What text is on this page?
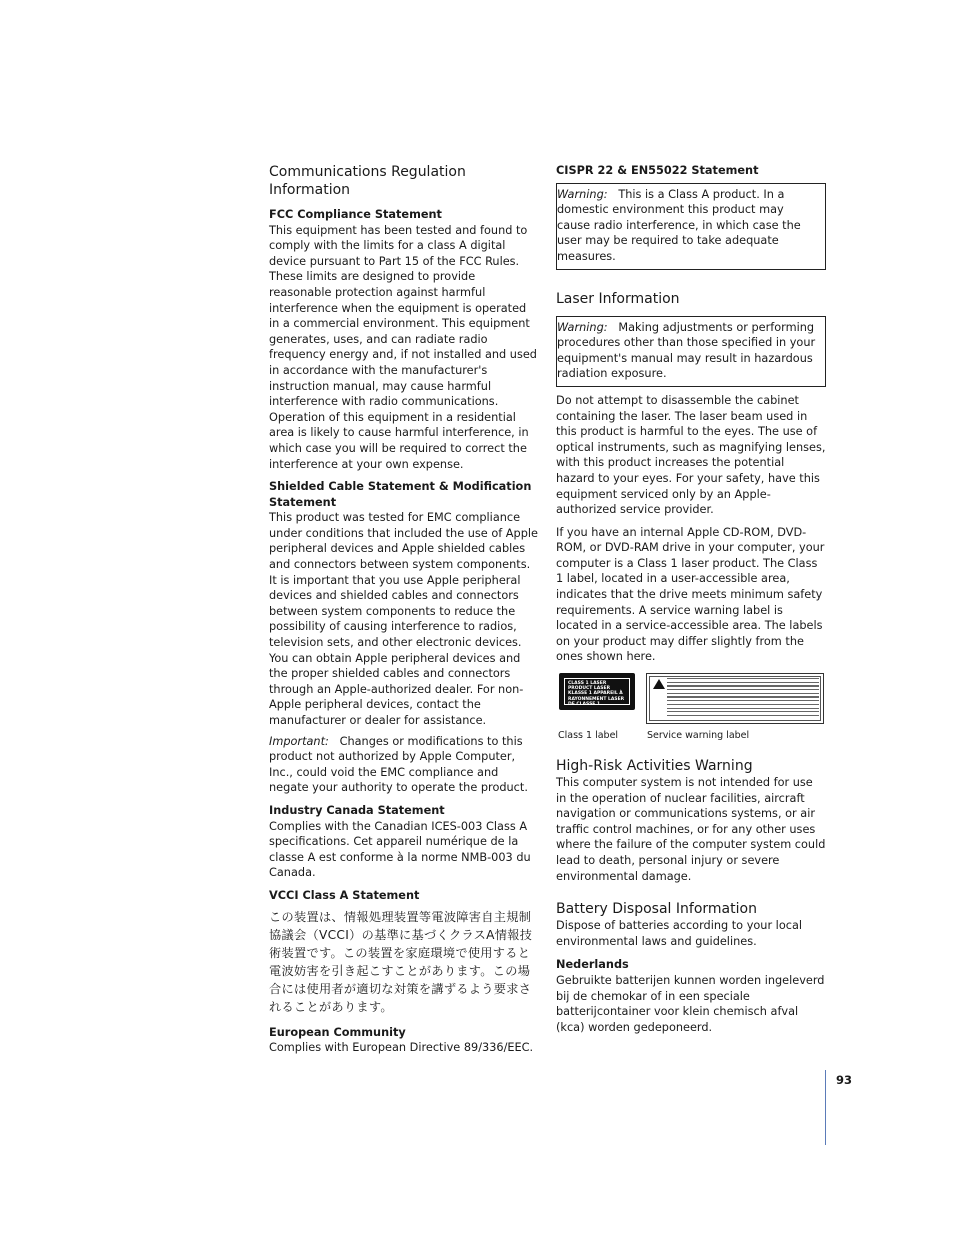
Communications Regulation Information
FCC Compliance Statement

This equipment has been tested and found to comply with the limits for a class A digital device pursuant to Part 15 of the FCC Rules. These limits are designed to provide reasonable protection against harmful interference when the equipment is operated in a commercial environment. This equipment generates, uses, and can radiate radio frequency energy and, if not installed and used in accordance with the manufacturer's instruction manual, may cause harmful interference with radio communications. Operation of this equipment in a residential area is likely to cause harmful interference, in which case you will be required to correct the interference at your own expense.

Shielded Cable Statement & Modification Statement

This product was tested for EMC compliance under conditions that included the use of Apple peripheral devices and Apple shielded cables and connectors between system components. It is important that you use Apple peripheral devices and shielded cables and connectors between system components to reduce the possibility of causing interference to radios, television sets, and other electronic devices. You can obtain Apple peripheral devices and the proper shielded cables and connectors through an Apple-authorized dealer. For non-Apple peripheral devices, contact the manufacturer or dealer for assistance.

Important:   Changes or modifications to this product not authorized by Apple Computer, Inc., could void the EMC compliance and negate your authority to operate the product.

Industry Canada Statement

Complies with the Canadian ICES-003 Class A specifications. Cet appareil numérique de la classe A est conforme à la norme NMB-003 du Canada.

VCCI Class A Statement

この装置は、情報処理装置等電波障害自主規制協議会（VCCI）の基準に基づくクラスA情報技術装置です。この装置を家庭環境で使用すると電波妨害を引き起こすことがあります。この場合には使用者が適切な対策を講ずるよう要求されることがあります。

European Community

Complies with European Directive 89/336/EEC.

CISPR 22 & EN55022 Statement
Warning:   This is a Class A product. In a domestic environment this product may cause radio interference, in which case the user may be required to take adequate measures.
Laser Information
Warning:   Making adjustments or performing procedures other than those specified in your equipment's manual may result in hazardous radiation exposure.

Do not attempt to disassemble the cabinet containing the laser. The laser beam used in this product is harmful to the eyes. The use of optical instruments, such as magnifying lenses, with this product increases the potential hazard to your eyes. For your safety, have this equipment serviced only by an Apple-authorized service provider.

If you have an internal Apple CD-ROM, DVD-ROM, or DVD-RAM drive in your computer, your computer is a Class 1 laser product. The Class 1 label, located in a user-accessible area, indicates that the drive meets minimum safety requirements. A service warning label is located in a service-accessible area. The labels on your product may differ slightly from the ones shown here.

CLASS 1 LASER PRODUCT LASER KLASSE 1 APPAREIL À RAYONNEMENT LASER DE CLASSE 1
Class 1 label	Service warning label
High-Risk Activities Warning

This computer system is not intended for use in the operation of nuclear facilities, aircraft navigation or communications systems, or air traffic control machines, or for any other uses where the failure of the computer system could lead to death, personal injury or severe environmental damage.

Battery Disposal Information

Dispose of batteries according to your local environmental laws and guidelines.

Nederlands

Gebruikte batterijen kunnen worden ingeleverd bij de chemokar of in een speciale batterijcontainer voor klein chemisch afval (kca) worden gedeponeerd.

93
